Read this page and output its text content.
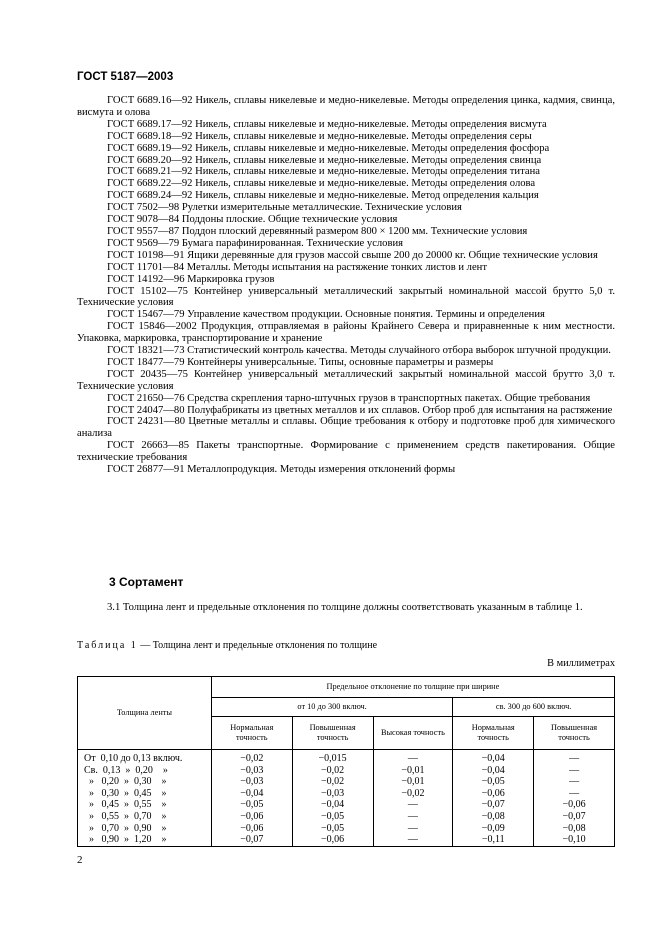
ГОСТ 5187—2003

ГОСТ 6689.16—92 Никель, сплавы никелевые и медно-никелевые. Методы определения цинка, кадмия, свинца, висмута и олова

ГОСТ 6689.17—92 Никель, сплавы никелевые и медно-никелевые. Методы определения висмута

ГОСТ 6689.18—92 Никель, сплавы никелевые и медно-никелевые. Методы определения серы

ГОСТ 6689.19—92 Никель, сплавы никелевые и медно-никелевые. Методы определения фосфора

ГОСТ 6689.20—92 Никель, сплавы никелевые и медно-никелевые. Методы определения свинца

ГОСТ 6689.21—92 Никель, сплавы никелевые и медно-никелевые. Методы определения титана

ГОСТ 6689.22—92 Никель, сплавы никелевые и медно-никелевые. Методы определения олова

ГОСТ 6689.24—92 Никель, сплавы никелевые и медно-никелевые. Метод определения кальция

ГОСТ 7502—98 Рулетки измерительные металлические. Технические условия

ГОСТ 9078—84 Поддоны плоские. Общие технические условия

ГОСТ 9557—87 Поддон плоский деревянный размером 800 × 1200 мм. Технические условия

ГОСТ 9569—79 Бумага парафинированная. Технические условия

ГОСТ 10198—91 Ящики деревянные для грузов массой свыше 200 до 20000 кг. Общие технические условия

ГОСТ 11701—84 Металлы. Методы испытания на растяжение тонких листов и лент

ГОСТ 14192—96 Маркировка грузов

ГОСТ 15102—75 Контейнер универсальный металлический закрытый номинальной массой брутто 5,0 т. Технические условия

ГОСТ 15467—79 Управление качеством продукции. Основные понятия. Термины и определения

ГОСТ 15846—2002 Продукция, отправляемая в районы Крайнего Севера и приравненные к ним местности. Упаковка, маркировка, транспортирование и хранение

ГОСТ 18321—73 Статистический контроль качества. Методы случайного отбора выборок штучной продукции.

ГОСТ 18477—79 Контейнеры универсальные. Типы, основные параметры и размеры

ГОСТ 20435—75 Контейнер универсальный металлический закрытый номинальной массой брутто 3,0 т. Технические условия

ГОСТ 21650—76 Средства скрепления тарно-штучных грузов в транспортных пакетах. Общие требования

ГОСТ 24047—80 Полуфабрикаты из цветных металлов и их сплавов. Отбор проб для испытания на растяжение

ГОСТ 24231—80 Цветные металлы и сплавы. Общие требования к отбору и подготовке проб для химического анализа

ГОСТ 26663—85 Пакеты транспортные. Формирование с применением средств пакетирования. Общие технические требования

ГОСТ 26877—91 Металлопродукция. Методы измерения отклонений формы

3 Сортамент

3.1 Толщина лент и предельные отклонения по толщине должны соответствовать указанным в таблице 1.

Таблица 1 — Толщина лент и предельные отклонения по толщине
В миллиметрах
Толщина ленты	Предельное отклонение по толщине при ширине				
	от 10 до 300 включ.			св. 300 до 600 включ.	
	Нормальная точность	Повышенная точность	Высокая точность	Нормальная точность	Повышенная точность
От  0,10 до 0,13 включ.	−0,02	−0,015	—	−0,04	—
Св.  0,13  »  0,20    »	−0,03	−0,02	−0,01	−0,04	—
»   0,20  »  0,30    »	−0,03	−0,02	−0,01	−0,05	—
»   0,30  »  0,45    »	−0,04	−0,03	−0,02	−0,06	—
»   0,45  »  0,55    »	−0,05	−0,04	—	−0,07	−0,06
»   0,55  »  0,70    »	−0,06	−0,05	—	−0,08	−0,07
»   0,70  »  0,90    »	−0,06	−0,05	—	−0,09	−0,08
»   0,90  »  1,20    »	−0,07	−0,06	—	−0,11	−0,10
2
